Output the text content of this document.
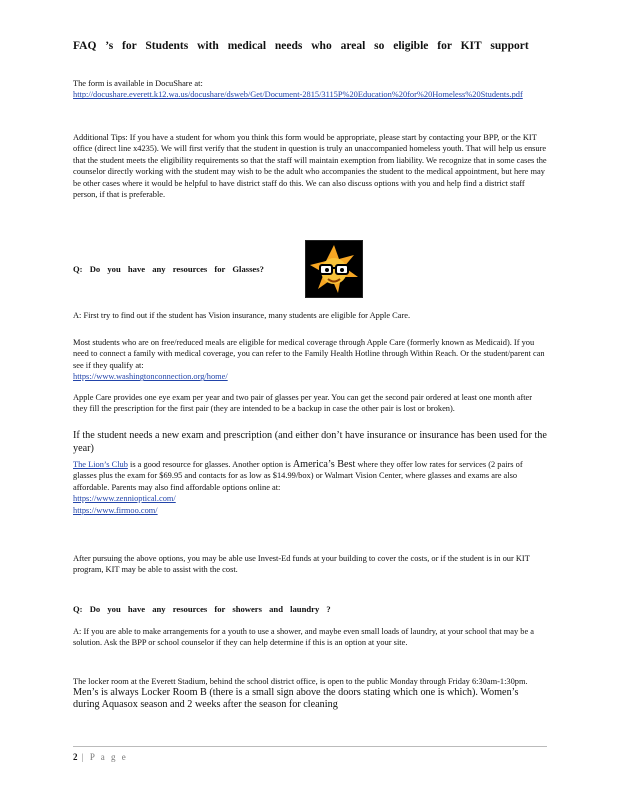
FAQ ’s for Students with medical needs who areal so eligible for KIT support

The form is available in DocuShare at:

http://docushare.everett.k12.wa.us/docushare/dsweb/Get/Document-2815/3115P%20Education%20for%20Homeless%20Students.pdf

Additional Tips: If you have a student for whom you think this form would be appropriate, please start by contacting your BPP, or the KIT office (direct line x4235). We will first verify that the student in question is truly an unaccompanied homeless youth. That will help us ensure that the student meets the eligibility requirements so that the staff will maintain exemption from liability. We recognize that in some cases the counselor directly working with the student may wish to be the adult who accompanies the student to the medical appointment, but here may be other cases where it would be helpful to have district staff do this. We can also discuss options with you and help find a district staff person, if that is preferable.

Q: Do you have any resources for Glasses?
A: First try to find out if the student has Vision insurance, many students are eligible for Apple Care.

Most students who are on free/reduced meals are eligible for medical coverage through Apple Care (formerly known as Medicaid). If you need to connect a family with medical coverage, you can refer to the Family Health Hotline through Within Reach. Or the student/parent can see if they qualify at:

https://www.washingtonconnection.org/home/

Apple Care provides one eye exam per year and two pair of glasses per year. You can get the second pair ordered at least one month after they fill the prescription for the first pair (they are intended to be a backup in case the other pair is lost or broken).
If the student needs a new exam and prescription (and either don’t have insurance or insurance has been used for the year)

The Lion’s Club is a good resource for glasses. Another option is America’s Best where they offer low rates for services (2 pairs of glasses plus the exam for $69.95 and contacts for as low as $14.99/box) or Walmart Vision Center, where glasses and exams are also affordable. Parents may also find affordable options online at:

https://www.zennioptical.com/

https://www.firmoo.com/

After pursuing the above options, you may be able use Invest-Ed funds at your building to cover the costs, or if the student is in our KIT program, KIT may be able to assist with the cost.
Q: Do you have any resources for showers and laundry ?
A: If you are able to make arrangements for a youth to use a shower, and maybe even small loads of laundry, at your school that may be a solution. Ask the BPP or school counselor if they can help determine if this is an option at your site.

The locker room at the Everett Stadium, behind the school district office, is open to the public Monday through Friday 6:30am-1:30pm. Men’s is always Locker Room B (there is a small sign above the doors stating which one is which). Women’s during Aquasox season and 2 weeks after the season for cleaning

2 | P a g e
